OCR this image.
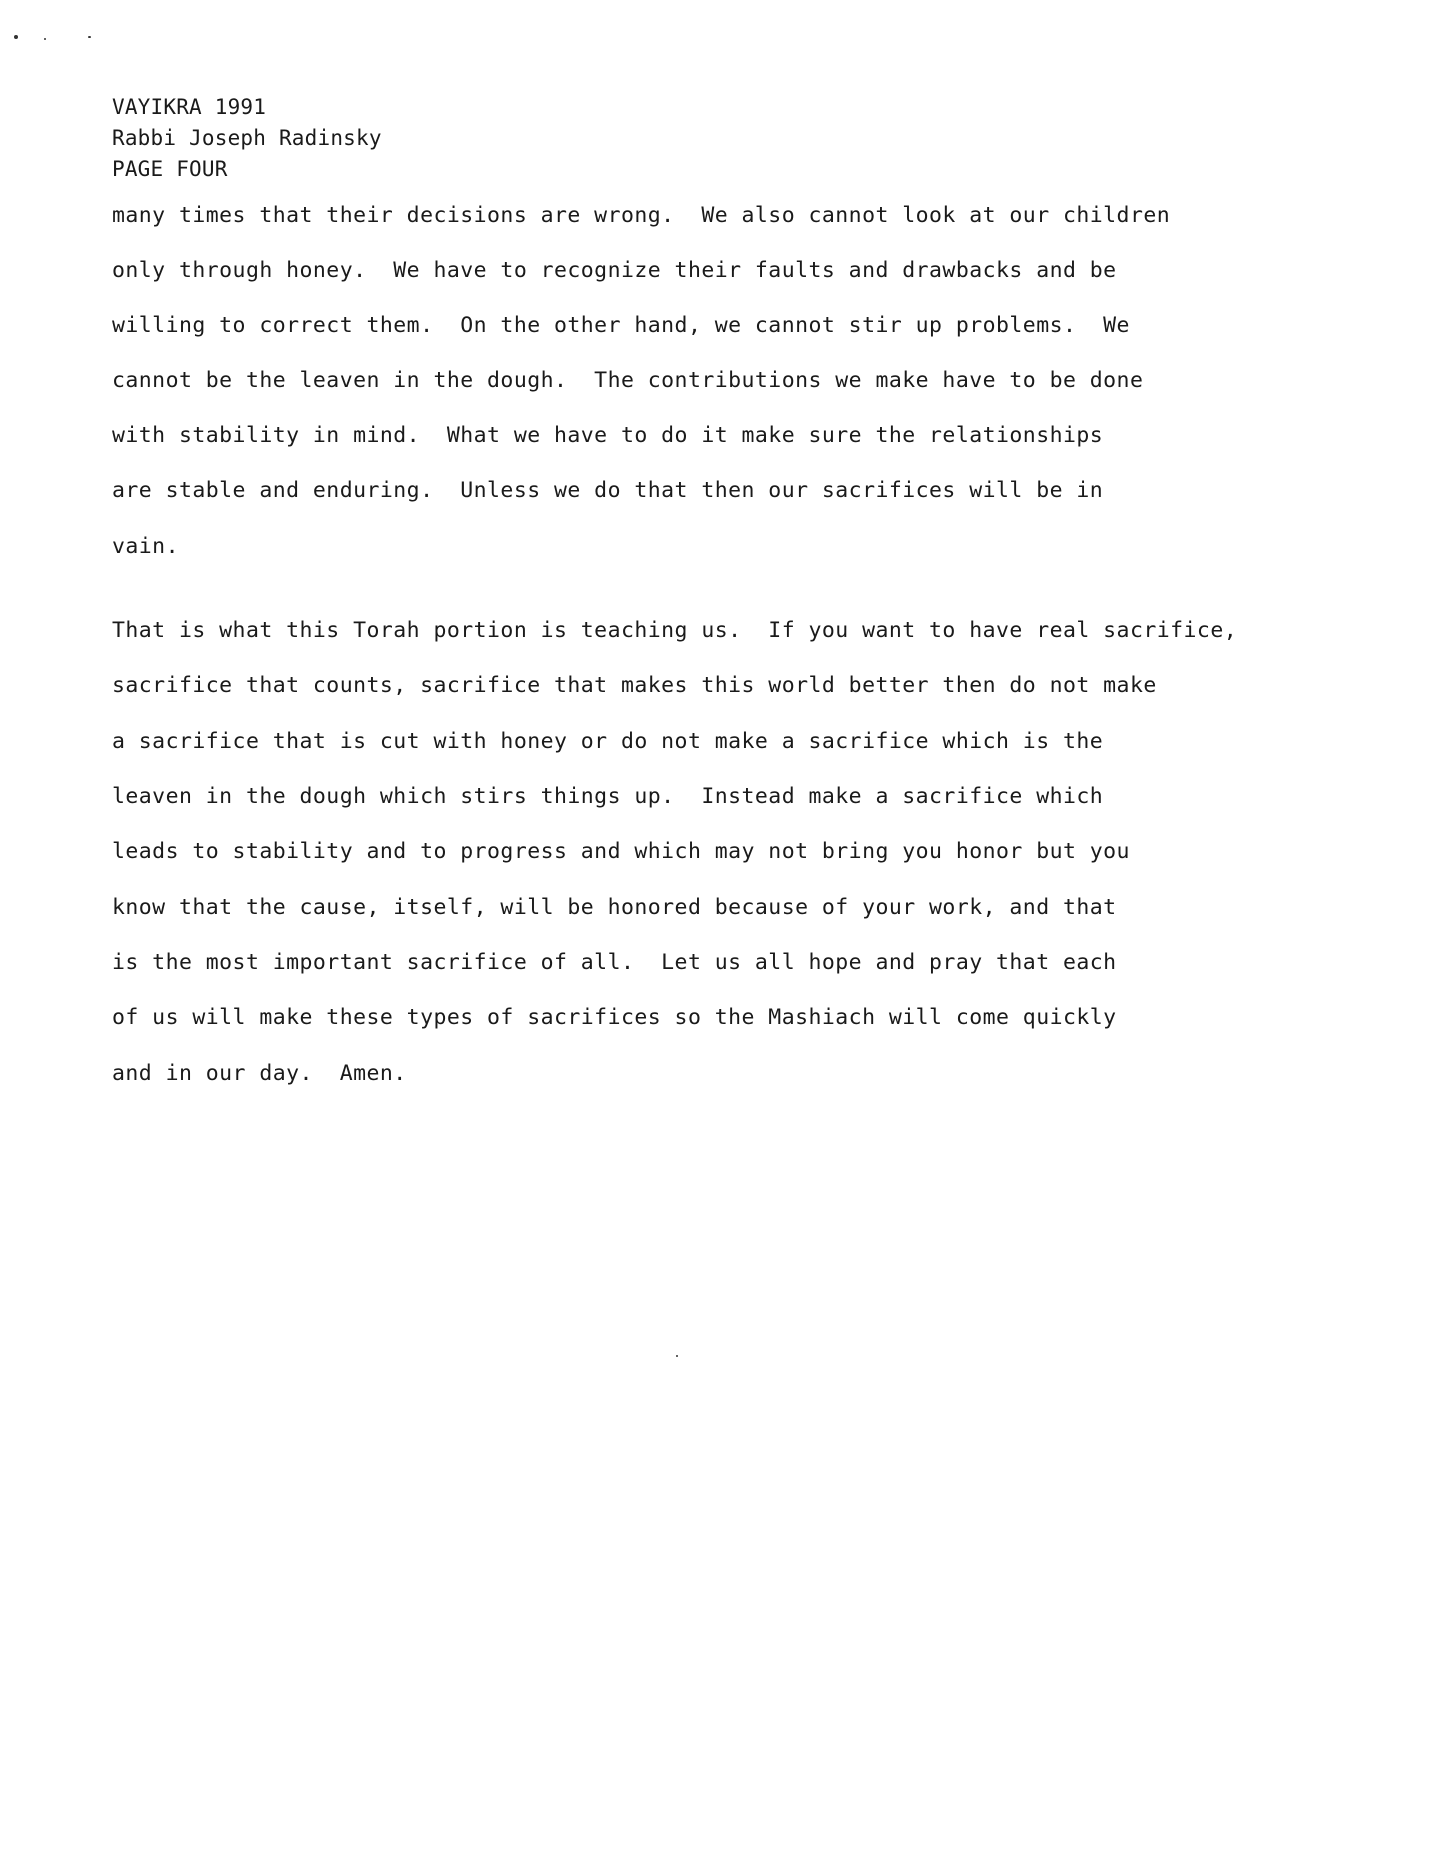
VAYIKRA 1991
Rabbi Joseph Radinsky
PAGE FOUR
many times that their decisions are wrong.  We also cannot look at our children
only through honey.  We have to recognize their faults and drawbacks and be
willing to correct them.  On the other hand, we cannot stir up problems.  We
cannot be the leaven in the dough.  The contributions we make have to be done
with stability in mind.  What we have to do it make sure the relationships
are stable and enduring.  Unless we do that then our sacrifices will be in
vain.
That is what this Torah portion is teaching us.  If you want to have real sacrifice,
sacrifice that counts, sacrifice that makes this world better then do not make
a sacrifice that is cut with honey or do not make a sacrifice which is the
leaven in the dough which stirs things up.  Instead make a sacrifice which
leads to stability and to progress and which may not bring you honor but you
know that the cause, itself, will be honored because of your work, and that
is the most important sacrifice of all.  Let us all hope and pray that each
of us will make these types of sacrifices so the Mashiach will come quickly
and in our day.  Amen.
